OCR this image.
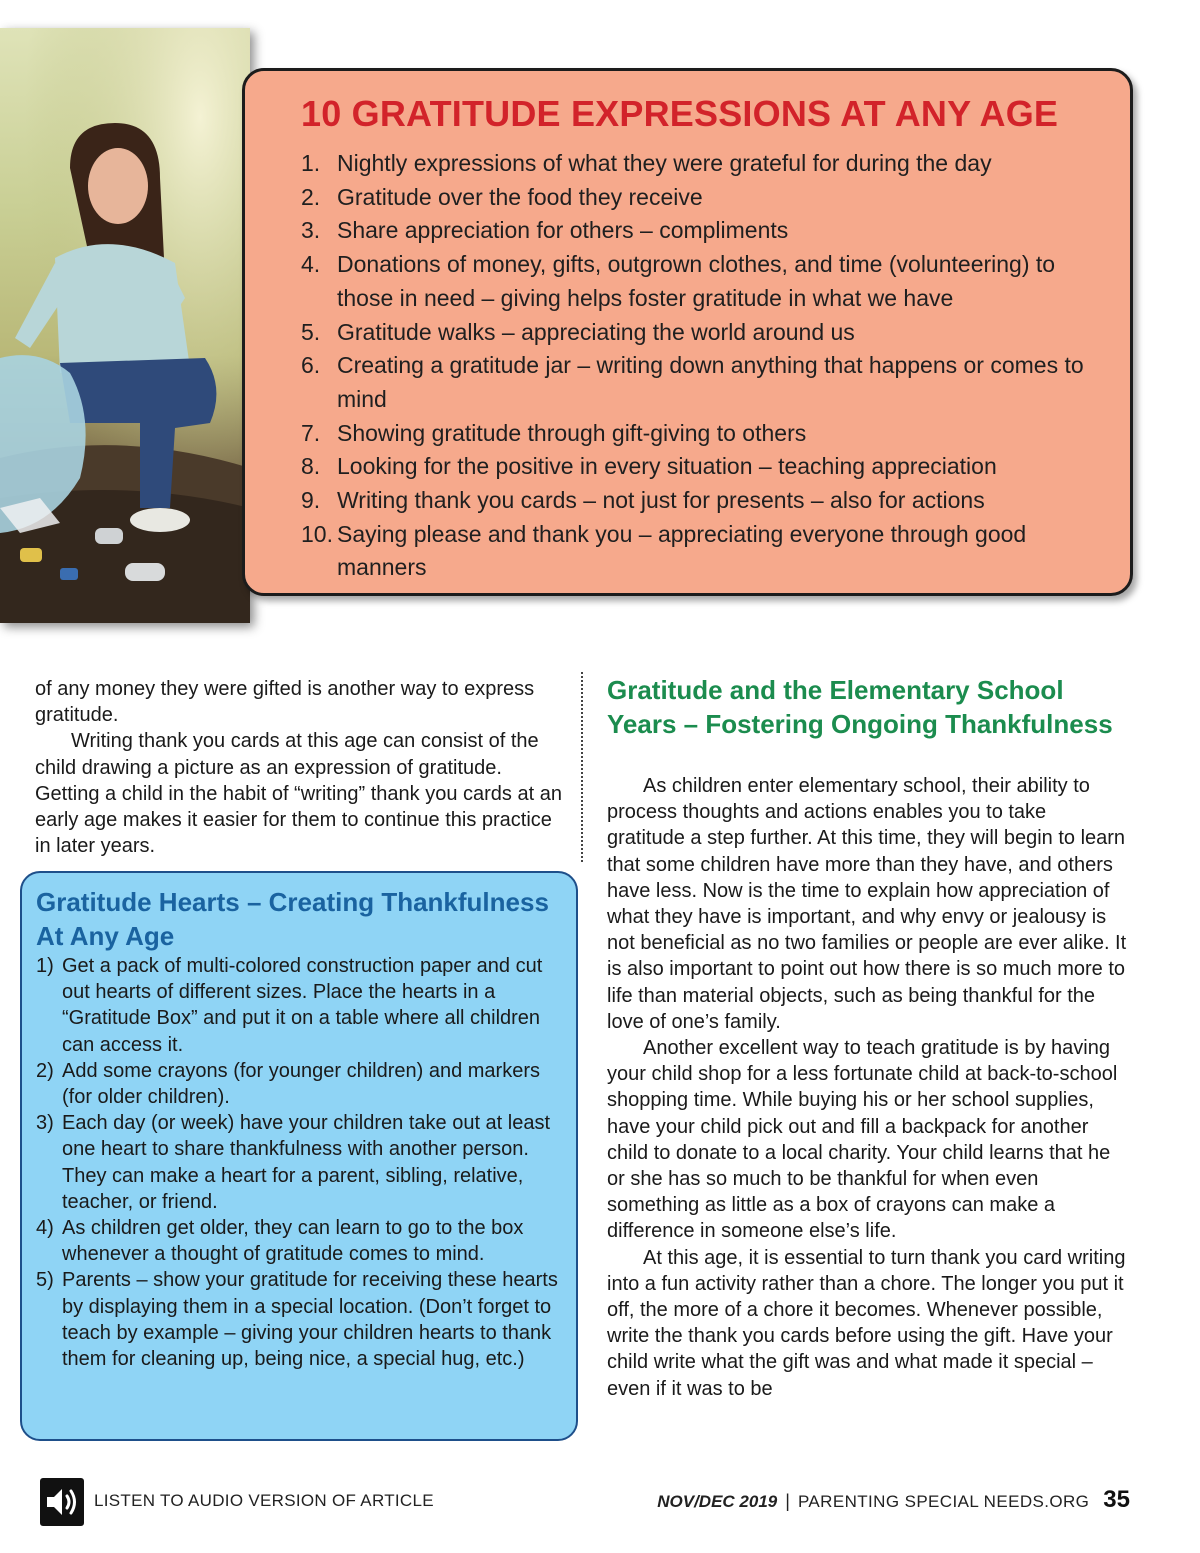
10 GRATITUDE EXPRESSIONS AT ANY AGE
1. Nightly expressions of what they were grateful for during the day
2. Gratitude over the food they receive
3. Share appreciation for others – compliments
4. Donations of money, gifts, outgrown clothes, and time (volunteering) to those in need – giving helps foster gratitude in what we have
5. Gratitude walks – appreciating the world around us
6. Creating a gratitude jar – writing down anything that happens or comes to mind
7. Showing gratitude through gift-giving to others
8. Looking for the positive in every situation – teaching appreciation
9. Writing thank you cards – not just for presents – also for actions
10. Saying please and thank you – appreciating everyone through good manners

of any money they were gifted is another way to express gratitude.

Writing thank you cards at this age can consist of the child drawing a picture as an expression of gratitude. Getting a child in the habit of “writing” thank you cards at an early age makes it easier for them to continue this practice in later years.

Gratitude Hearts – Creating Thankfulness At Any Age
1) Get a pack of multi-colored construction paper and cut out hearts of different sizes. Place the hearts in a “Gratitude Box” and put it on a table where all children can access it.
2) Add some crayons (for younger children) and markers (for older children).
3) Each day (or week) have your children take out at least one heart to share thankfulness with another person. They can make a heart for a parent, sibling, relative, teacher, or friend.
4) As children get older, they can learn to go to the box whenever a thought of gratitude comes to mind.
5) Parents – show your gratitude for receiving these hearts by displaying them in a special location. (Don’t forget to teach by example – giving your children hearts to thank them for cleaning up, being nice, a special hug, etc.)
Gratitude and the Elementary School Years – Fostering Ongoing Thankfulness

As children enter elementary school, their ability to process thoughts and actions enables you to take gratitude a step further. At this time, they will begin to learn that some children have more than they have, and others have less. Now is the time to explain how appreciation of what they have is important, and why envy or jealousy is not beneficial as no two families or people are ever alike. It is also important to point out how there is so much more to life than material objects, such as being thankful for the love of one’s family.

Another excellent way to teach gratitude is by having your child shop for a less fortunate child at back-to-school shopping time. While buying his or her school supplies, have your child pick out and fill a backpack for another child to donate to a local charity. Your child learns that he or she has so much to be thankful for when even something as little as a box of crayons can make a difference in someone else’s life.

At this age, it is essential to turn thank you card writing into a fun activity rather than a chore. The longer you put it off, the more of a chore it becomes. Whenever possible, write the thank you cards before using the gift. Have your child write what the gift was and what made it special – even if it was to be

LISTEN TO AUDIO VERSION OF ARTICLE	NOV/DEC 2019 | PARENTING SPECIAL NEEDS.ORG 35
